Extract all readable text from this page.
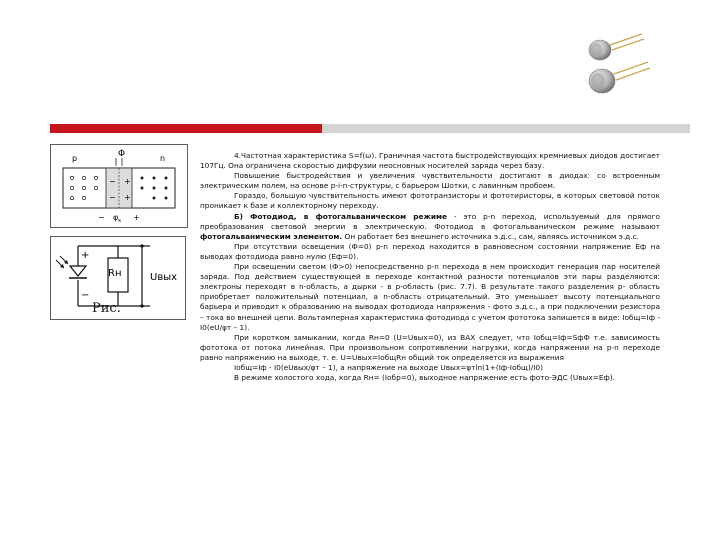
p	Φ	n
− +
− +
− $\varphi_к$ +
+
−
Rн	Uвых
Рис.

4.Частотная характеристика S=f(ω). Граничная частота быстродействующих кремниевых диодов достигает 107Гц. Она ограничена скоростью диффузии неосновных носителей заряда через базу.

Повышение быстродействия и увеличения чувствительности достигают в диодах: со встроенным электрическим полем, на основе p-i-n-структуры, с барьером Шотки, с лавинным пробоем.

Гораздо, большую чувствительность имеют фототранзисторы и фототиристоры, в которых световой поток проникает к базе и коллекторному переходу.

Б) Фотодиод, в фотогальваническом режиме - это p-n переход, используемый для прямого преобразования световой энергии в электрическую. Фотодиод в фотогальваническом режиме называют фотогальваническим элементом. Он работает без внешнего источника э.д.с., сам, являясь источником э.д.с.

При отсутствии освещения (Ф=0) p-n переход находится в равновесном состоянии напряжение Еф на выводах фотодиода равно нулю (Еф=0).

При освещении светом (Ф>0) непосредственно p-n перехода в нем происходит генерация пар носителей заряда. Под действием существующей в переходе контактной разности потенциалов эти пары разделяются: электроны переходят в n-область, а дырки - в p-область (рис. 7.7). В результате такого разделения р- область приобретает положительный потенциал, а n-область отрицательный. Это уменьшает высоту потенциального барьера и приводит к образованию на выводах фотодиода напряжения - фото э.д.с., а при подключении резистора – тока во внешней цепи. Вольтамперная характеристика фотодиода с учетом фототока запишется в виде: Iобщ=Iф - I0(eU/φт – 1).

При коротком замыкании, когда Rн=0 (U=Uвых=0), из ВАХ следует, что Iобщ=Iф=SфФ т.е. зависимость фототока от потока линейная. При произвольном сопротивлении нагрузки, когда напряжении на p-n переходе равно напряжению на выходе, т. е. U=Uвых=IобщRн общий ток определяется из выражения

Iобщ=Iф - I0(eUвых/φт – 1), а напряжение на выходе Uвых=φтln(1+(Iф-Iобщ)/I0)

В режиме холостого хода, когда Rн= (Iобр=0), выходное напряжение есть фото-ЭДС (Uвых=Еф).
